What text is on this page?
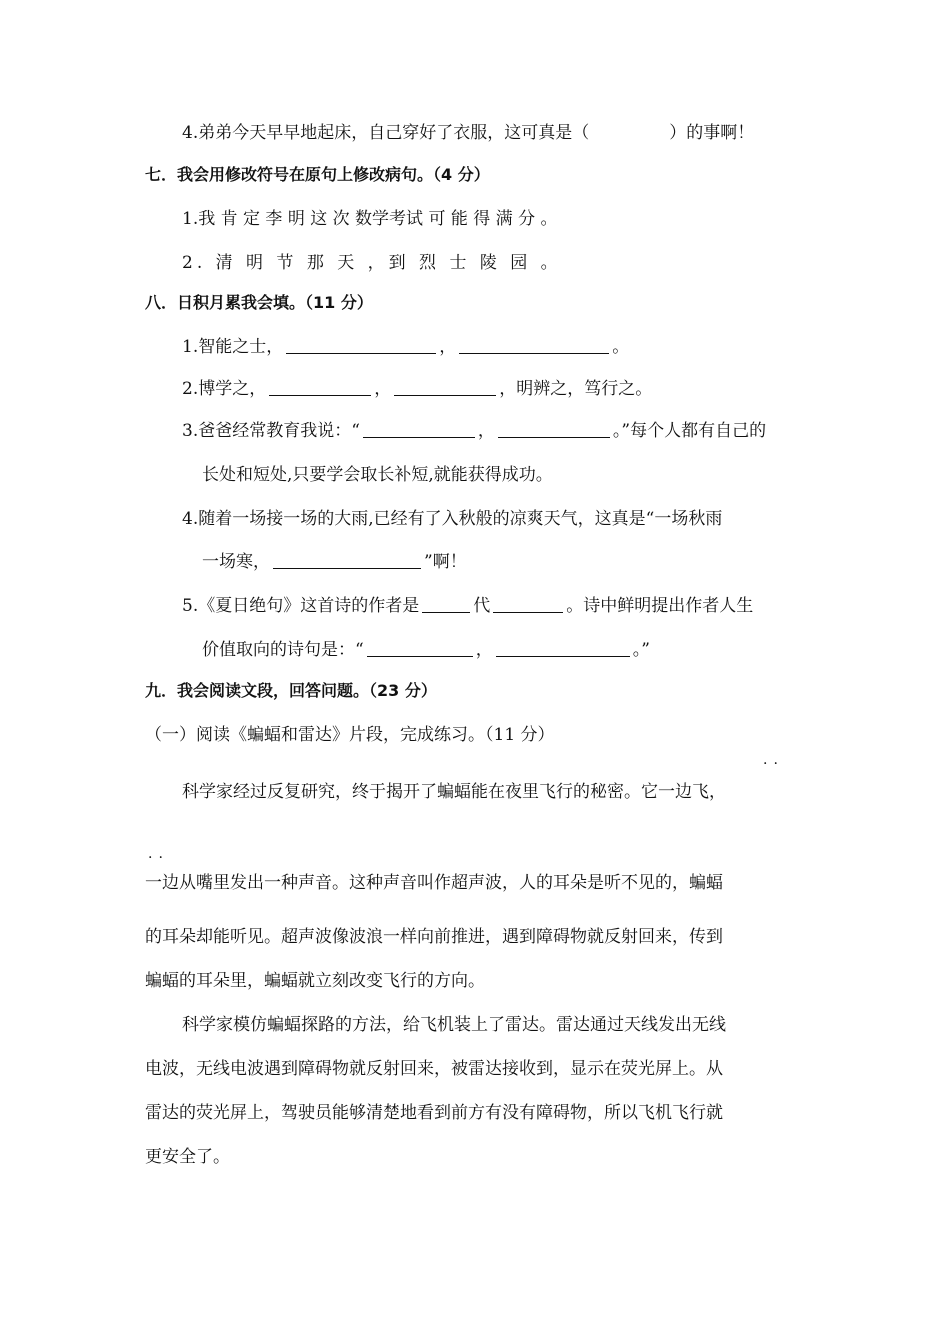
4.弟弟今天早早地起床，自己穿好了衣服，这可真是（	）的事啊！
七．我会用修改符号在原句上修改病句。（4 分）
1.我 肯 定 李 明 这 次 数学考试 可 能 得 满 分 。
2. 清 明 节 那 天 ，到 烈 士 陵 园 。
八．日积月累我会填。（11 分）
1.智能之士，	，	。
2.博学之，	，	，明辨之，笃行之。
3.爸爸经常教育我说：“	，	。”每个人都有自己的
长处和短处,只要学会取长补短,就能获得成功。
4.随着一场接一场的大雨,已经有了入秋般的凉爽天气，这真是“一场秋雨
一场寒，	”啊！
5.《夏日绝句》这首诗的作者是	代	。诗中鲜明提出作者人生
价值取向的诗句是：“	，	。”
九．我会阅读文段，回答问题。（23 分）
（一）阅读《蝙蝠和雷达》片段，完成练习。（11 分）
..
科学家经过反复研究，终于揭开了蝙蝠能在夜里飞行的秘密。它一边飞，
..
一边从嘴里发出一种声音。这种声音叫作超声波，人的耳朵是听不见的，蝙蝠
的耳朵却能听见。超声波像波浪一样向前推进，遇到障碍物就反射回来，传到
蝙蝠的耳朵里，蝙蝠就立刻改变飞行的方向。
科学家模仿蝙蝠探路的方法，给飞机装上了雷达。雷达通过天线发出无线
电波，无线电波遇到障碍物就反射回来，被雷达接收到，显示在荧光屏上。从
雷达的荧光屏上，驾驶员能够清楚地看到前方有没有障碍物，所以飞机飞行就
更安全了。
